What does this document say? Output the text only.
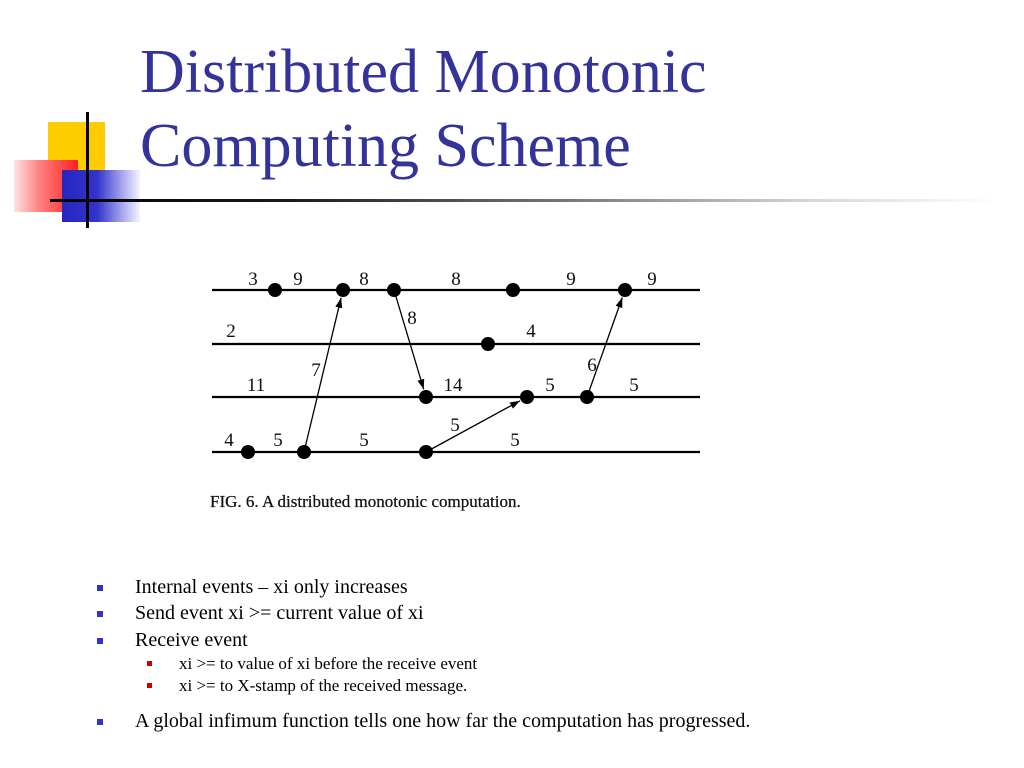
Distributed Monotonic
Computing Scheme
3 9	8	8	9	9
2	4
11	14	5	5
4 5	5	5
7
8
5
6
FIG. 6. A distributed monotonic computation.
Internal events – xi only increases
Send event xi >= current value of xi
Receive event
xi >= to value of xi before the receive event
xi >= to X-stamp of the received message.
A global infimum function tells one how far the computation has progressed.
